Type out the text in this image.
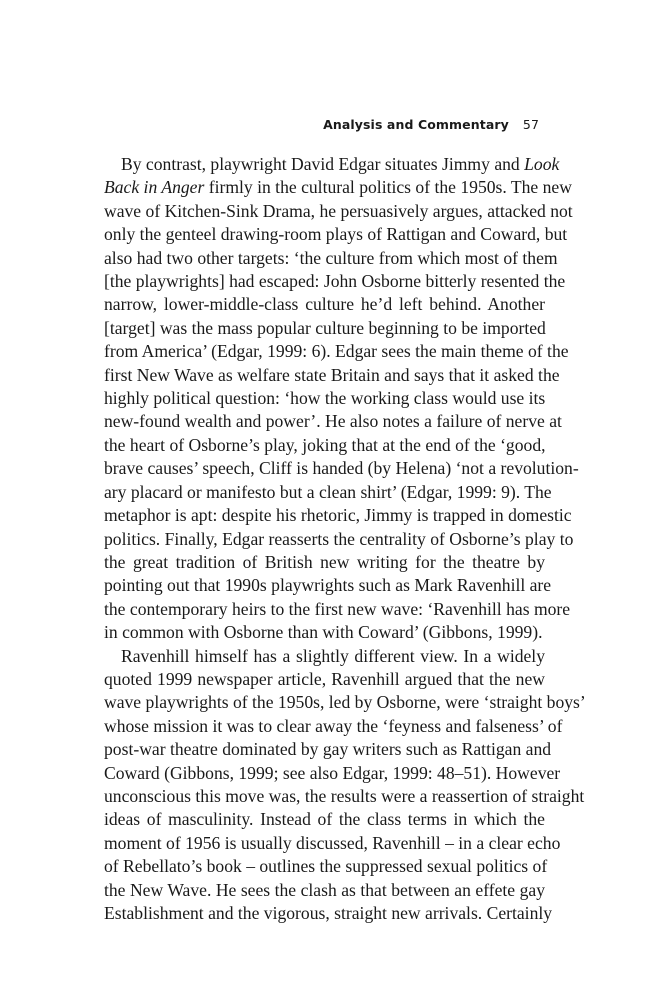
Analysis and Commentary 57
By contrast, playwright David Edgar situates Jimmy and Look
Back in Anger firmly in the cultural politics of the 1950s. The new
wave of Kitchen-Sink Drama, he persuasively argues, attacked not
only the genteel drawing-room plays of Rattigan and Coward, but
also had two other targets: ‘the culture from which most of them
[the playwrights] had escaped: John Osborne bitterly resented the
narrow, lower-middle-class culture he’d left behind. Another
[target] was the mass popular culture beginning to be imported
from America’ (Edgar, 1999: 6). Edgar sees the main theme of the
first New Wave as welfare state Britain and says that it asked the
highly political question: ‘how the working class would use its
new-found wealth and power’. He also notes a failure of nerve at
the heart of Osborne’s play, joking that at the end of the ‘good,
brave causes’ speech, Cliff is handed (by Helena) ‘not a revolution-
ary placard or manifesto but a clean shirt’ (Edgar, 1999: 9). The
metaphor is apt: despite his rhetoric, Jimmy is trapped in domestic
politics. Finally, Edgar reasserts the centrality of Osborne’s play to
the great tradition of British new writing for the theatre by
pointing out that 1990s playwrights such as Mark Ravenhill are
the contemporary heirs to the first new wave: ‘Ravenhill has more
in common with Osborne than with Coward’ (Gibbons, 1999).
Ravenhill himself has a slightly different view. In a widely
quoted 1999 newspaper article, Ravenhill argued that the new
wave playwrights of the 1950s, led by Osborne, were ‘straight boys’
whose mission it was to clear away the ‘feyness and falseness’ of
post-war theatre dominated by gay writers such as Rattigan and
Coward (Gibbons, 1999; see also Edgar, 1999: 48–51). However
unconscious this move was, the results were a reassertion of straight
ideas of masculinity. Instead of the class terms in which the
moment of 1956 is usually discussed, Ravenhill – in a clear echo
of Rebellato’s book – outlines the suppressed sexual politics of
the New Wave. He sees the clash as that between an effete gay
Establishment and the vigorous, straight new arrivals. Certainly
